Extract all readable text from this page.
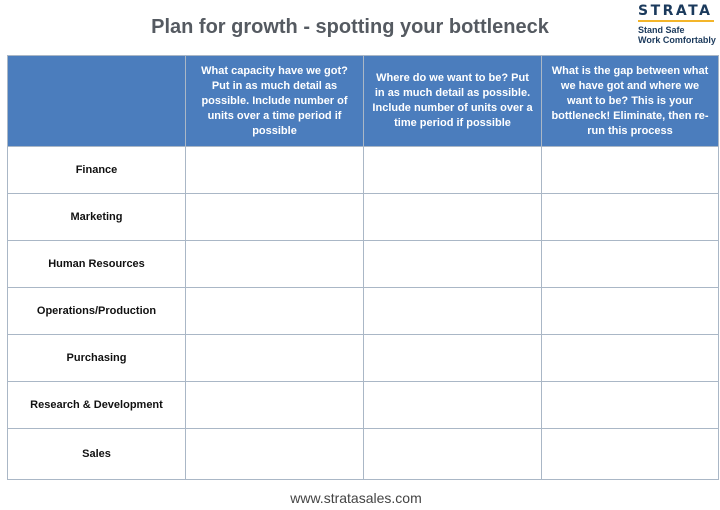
Plan for growth - spotting your bottleneck
STRATA
Stand Safe
Work Comfortably
	What capacity have we got? Put in as much detail as possible. Include number of units over a time period if possible	Where do we want to be? Put in as much detail as possible. Include number of units over a time period if possible	What is the gap between what we have got and where we want to be? This is your bottleneck! Eliminate, then re-run this process
Finance			
Marketing			
Human Resources			
Operations/Production			
Purchasing			
Research & Development			
Sales			
www.stratasales.com
